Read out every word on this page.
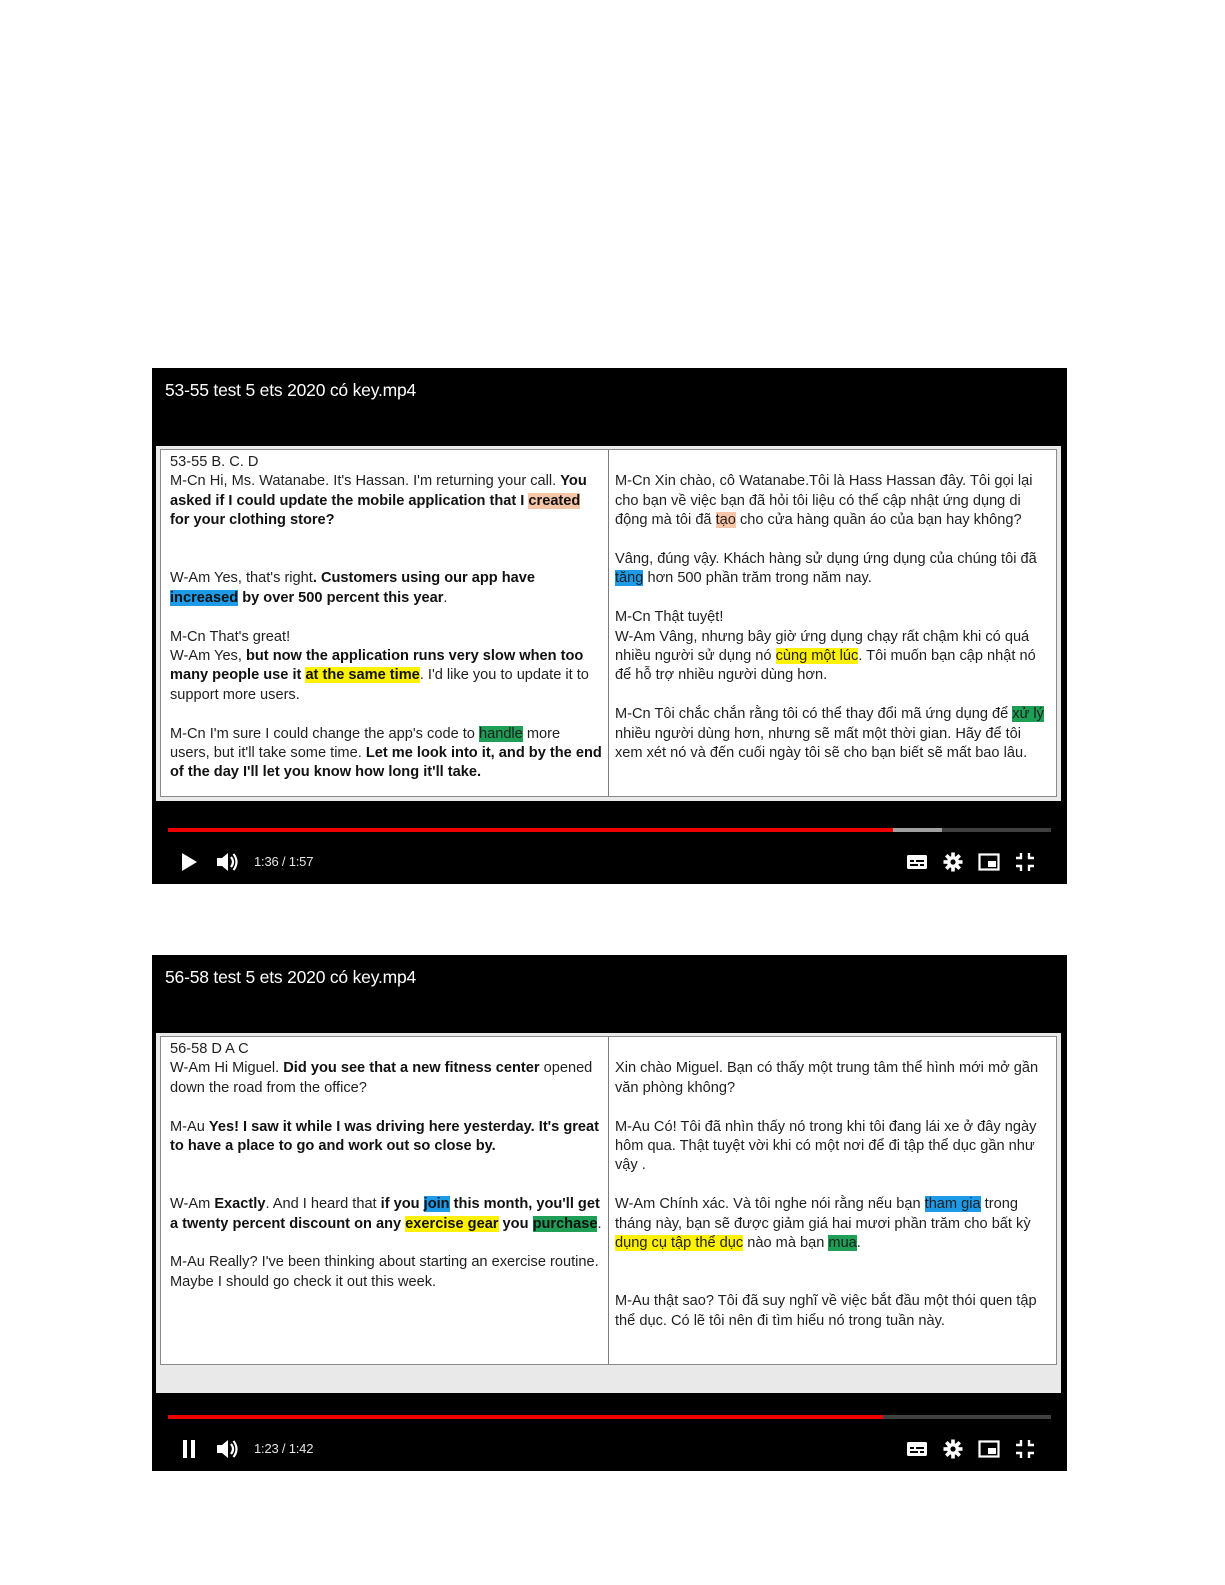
53-55 test 5 ets 2020 có key.mp4
53-55 B. C. D
M-Cn Hi, Ms. Watanabe. It's Hassan. I'm returning your call. You asked if I could update the mobile application that I created for your clothing store?
W-Am Yes, that's right. Customers using our app have increased by over 500 percent this year.
M-Cn That's great!
W-Am Yes, but now the application runs very slow when too many people use it at the same time. I'd like you to update it to support more users.
M-Cn I'm sure I could change the app's code to handle more users, but it'll take some time. Let me look into it, and by the end of the day I'll let you know how long it'll take.
M-Cn Xin chào, cô Watanabe.Tôi là Hass Hassan đây. Tôi gọi lại cho bạn về việc bạn đã hỏi tôi liệu có thể cập nhật ứng dụng di động mà tôi đã tạo cho cửa hàng quần áo của bạn hay không?
Vâng, đúng vậy. Khách hàng sử dụng ứng dụng của chúng tôi đã tăng hơn 500 phần trăm trong năm nay.
M-Cn Thật tuyệt!
W-Am Vâng, nhưng bây giờ ứng dụng chạy rất chậm khi có quá nhiều người sử dụng nó cùng một lúc. Tôi muốn bạn cập nhật nó để hỗ trợ nhiều người dùng hơn.
M-Cn Tôi chắc chắn rằng tôi có thể thay đổi mã ứng dụng để xử lý nhiều người dùng hơn, nhưng sẽ mất một thời gian. Hãy để tôi xem xét nó và đến cuối ngày tôi sẽ cho bạn biết sẽ mất bao lâu.
1:36 / 1:57
56-58 test 5 ets 2020 có key.mp4
56-58 D A C
W-Am Hi Miguel. Did you see that a new fitness center opened down the road from the office?
M-Au Yes! I saw it while I was driving here yesterday. It's great to have a place to go and work out so close by.
W-Am Exactly. And I heard that if you join this month, you'll get a twenty percent discount on any exercise gear you purchase.
M-Au Really? I've been thinking about starting an exercise routine. Maybe I should go check it out this week.
Xin chào Miguel. Bạn có thấy một trung tâm thể hình mới mở gần văn phòng không?
M-Au Có! Tôi đã nhìn thấy nó trong khi tôi đang lái xe ở đây ngày hôm qua. Thật tuyệt vời khi có một nơi để đi tập thể dục gần như vậy .
W-Am Chính xác. Và tôi nghe nói rằng nếu bạn tham gia trong tháng này, bạn sẽ được giảm giá hai mươi phần trăm cho bất kỳ dụng cụ tập thể dục nào mà bạn mua.
M-Au thật sao? Tôi đã suy nghĩ về việc bắt đầu một thói quen tập thể dục. Có lẽ tôi nên đi tìm hiểu nó trong tuần này.
1:23 / 1:42
